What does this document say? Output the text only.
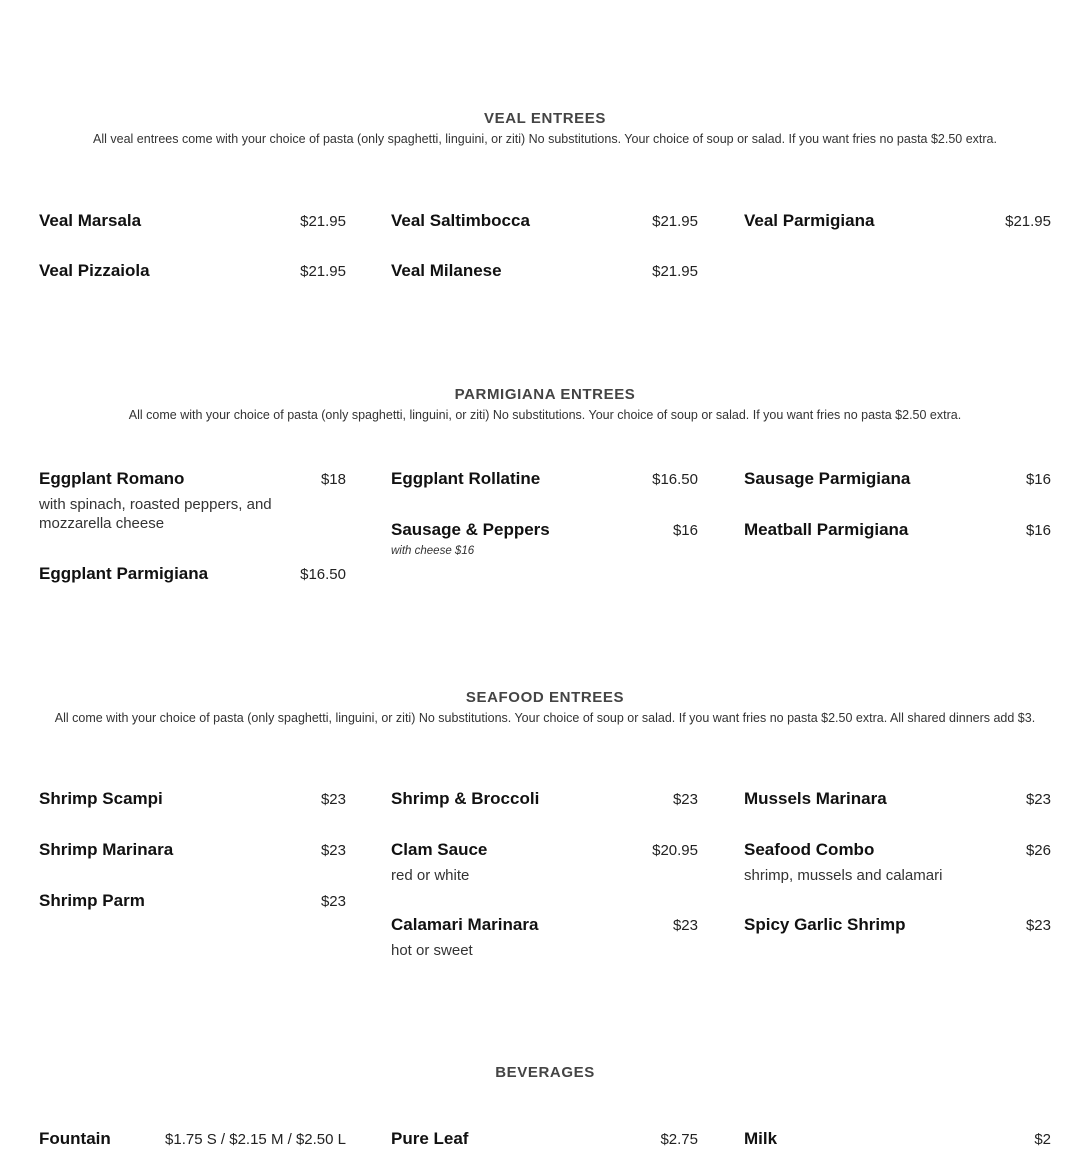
VEAL ENTREES

All veal entrees come with your choice of pasta (only spaghetti, linguini, or ziti) No substitutions. Your choice of soup or salad. If you want fries no pasta $2.50 extra.

Veal Marsala	$21.95
Veal Pizzaiola	$21.95
Veal Saltimbocca	$21.95
Veal Milanese	$21.95
Veal Parmigiana	$21.95
PARMIGIANA ENTREES

All come with your choice of pasta (only spaghetti, linguini, or ziti) No substitutions. Your choice of soup or salad. If you want fries no pasta $2.50 extra.

Eggplant Romano	$18
with spinach, roasted peppers, and mozzarella cheese
Eggplant Parmigiana	$16.50
Eggplant Rollatine	$16.50
Sausage & Peppers	$16
with cheese $16
Sausage Parmigiana	$16
Meatball Parmigiana	$16
SEAFOOD ENTREES

All come with your choice of pasta (only spaghetti, linguini, or ziti) No substitutions. Your choice of soup or salad. If you want fries no pasta $2.50 extra. All shared dinners add $3.

Shrimp Scampi	$23
Shrimp Marinara	$23
Shrimp Parm	$23
Shrimp & Broccoli	$23
Clam Sauce	$20.95
red or white
Calamari Marinara	$23
hot or sweet
Mussels Marinara	$23
Seafood Combo	$26
shrimp, mussels and calamari
Spicy Garlic Shrimp	$23
BEVERAGES
Fountain	$1.75 S / $2.15 M / $2.50 L	Pure Leaf	$2.75	Milk	$2
